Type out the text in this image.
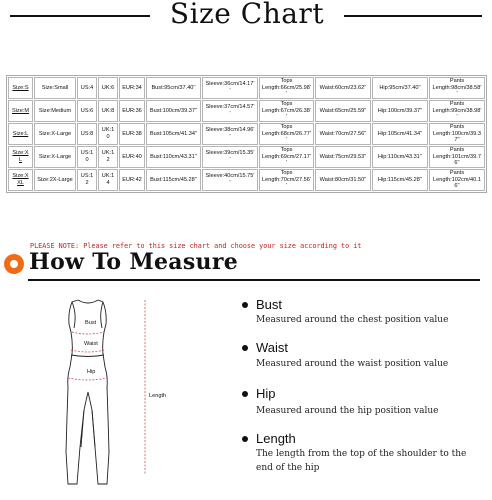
Size Chart
Size:S	Size:Small	US:4	UK:6	EUR:34	Bust:95cm/37.40''	Sleeve:36cm/14.17''	Tops Length:66cm/25.98''	Waist:60cm/23.62''	Hip:95cm/37.40''	Pants Length:98cm/38.58''
Size:M	Size:Medium	US:6	UK:8	EUR:36	Bust:100cm/39.37''	Sleeve:37cm/14.57''	Tops Length:67cm/26.38''	Waist:65cm/25.59''	Hip:100cm/39.37''	Pants Length:99cm/38.98''
Size:L	Size:X-Large	US:8	UK:10	EUR:38	Bust:105cm/41.34''	Sleeve:38cm/14.96''	Tops Length:68cm/26.77''	Waist:70cm/27.56''	Hip:105cm/41.34''	Pants Length:100cm/39.37''
Size:XL	Size:X-Large	US:10	UK:12	EUR:40	Bust:110cm/43.31''	Sleeve:39cm/15.35''	Tops Length:69cm/27.17''	Waist:75cm/29.53''	Hip:110cm/43.31''	Pants Length:101cm/39.76''
Size:XXL	Size:2X-Large	US:12	UK:14	EUR:42	Bust:115cm/45.28''	Sleeve:40cm/15.75''	Tops Length:70cm/27.56''	Waist:80cm/31.50''	Hip:115cm/45.28''	Pants Length:102cm/40.16''
PLEASE NOTE: Please refer to this size chart and choose your size according to it
How To Measure
Bust
Waist
Hip
Length
Bust
Measured around the chest position value
Waist
Measured around the waist position value
Hip
Measured around the hip position value
Length
The length from the top of the shoulder to the end of the hip
